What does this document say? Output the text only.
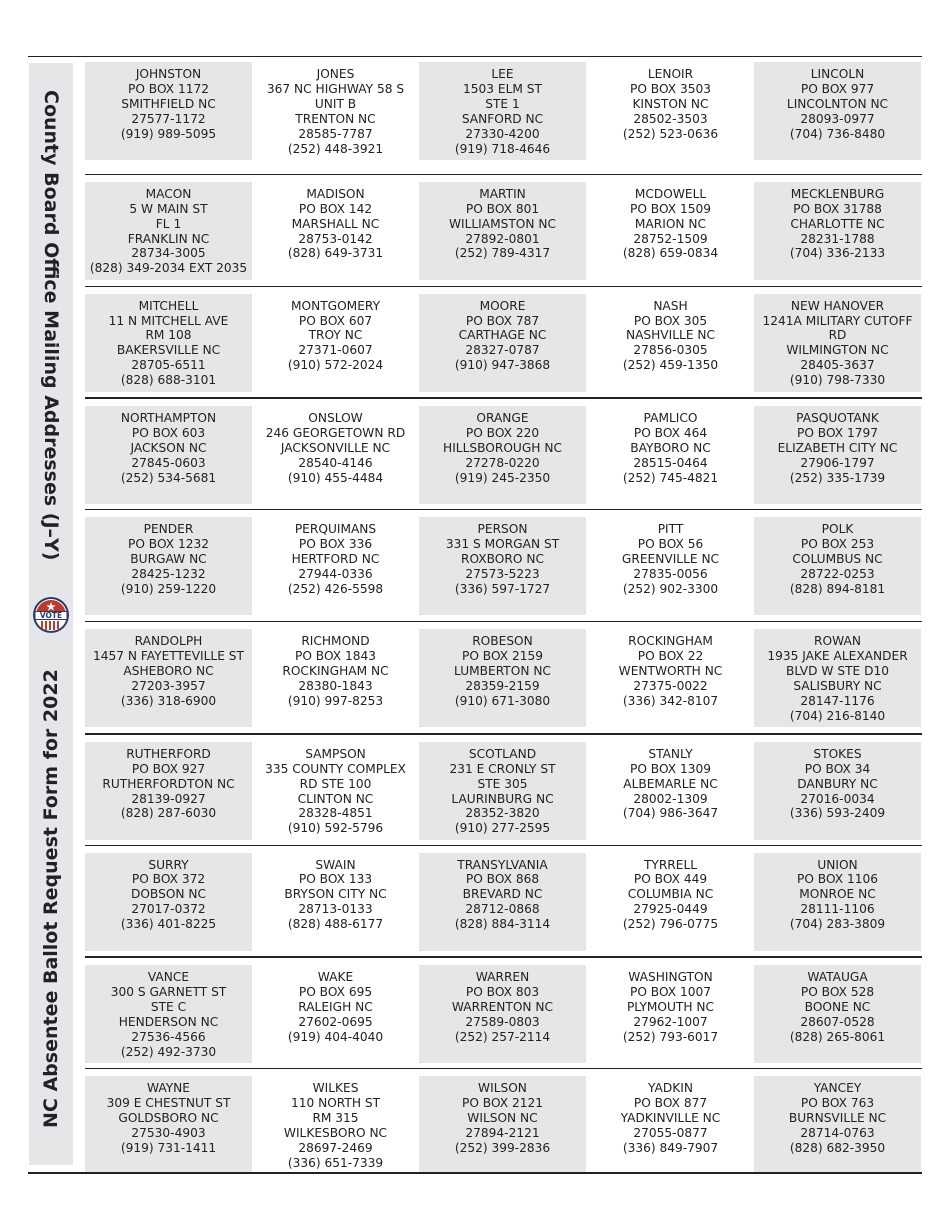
County Board Office Mailing Addresses (J–Y)
NC Absentee Ballot Request Form for 2022
VOTE
JOHNSTON
PO BOX 1172
SMITHFIELD NC
27577-1172
(919) 989-5095
JONES
367 NC HIGHWAY 58 S
UNIT B
TRENTON NC
28585-7787
(252) 448-3921
LEE
1503 ELM ST
STE 1
SANFORD NC
27330-4200
(919) 718-4646
LENOIR
PO BOX 3503
KINSTON NC
28502-3503
(252) 523-0636
LINCOLN
PO BOX 977
LINCOLNTON NC
28093-0977
(704) 736-8480
MACON
5 W MAIN ST
FL 1
FRANKLIN NC
28734-3005
(828) 349-2034 EXT 2035
MADISON
PO BOX 142
MARSHALL NC
28753-0142
(828) 649-3731
MARTIN
PO BOX 801
WILLIAMSTON NC
27892-0801
(252) 789-4317
MCDOWELL
PO BOX 1509
MARION NC
28752-1509
(828) 659-0834
MECKLENBURG
PO BOX 31788
CHARLOTTE NC
28231-1788
(704) 336-2133
MITCHELL
11 N MITCHELL AVE
RM 108
BAKERSVILLE NC
28705-6511
(828) 688-3101
MONTGOMERY
PO BOX 607
TROY NC
27371-0607
(910) 572-2024
MOORE
PO BOX 787
CARTHAGE NC
28327-0787
(910) 947-3868
NASH
PO BOX 305
NASHVILLE NC
27856-0305
(252) 459-1350
NEW HANOVER
1241A MILITARY CUTOFF
RD
WILMINGTON NC
28405-3637
(910) 798-7330
NORTHAMPTON
PO BOX 603
JACKSON NC
27845-0603
(252) 534-5681
ONSLOW
246 GEORGETOWN RD
JACKSONVILLE NC
28540-4146
(910) 455-4484
ORANGE
PO BOX 220
HILLSBOROUGH NC
27278-0220
(919) 245-2350
PAMLICO
PO BOX 464
BAYBORO NC
28515-0464
(252) 745-4821
PASQUOTANK
PO BOX 1797
ELIZABETH CITY NC
27906-1797
(252) 335-1739
PENDER
PO BOX 1232
BURGAW NC
28425-1232
(910) 259-1220
PERQUIMANS
PO BOX 336
HERTFORD NC
27944-0336
(252) 426-5598
PERSON
331 S MORGAN ST
ROXBORO NC
27573-5223
(336) 597-1727
PITT
PO BOX 56
GREENVILLE NC
27835-0056
(252) 902-3300
POLK
PO BOX 253
COLUMBUS NC
28722-0253
(828) 894-8181
RANDOLPH
1457 N FAYETTEVILLE ST
ASHEBORO NC
27203-3957
(336) 318-6900
RICHMOND
PO BOX 1843
ROCKINGHAM NC
28380-1843
(910) 997-8253
ROBESON
PO BOX 2159
LUMBERTON NC
28359-2159
(910) 671-3080
ROCKINGHAM
PO BOX 22
WENTWORTH NC
27375-0022
(336) 342-8107
ROWAN
1935 JAKE ALEXANDER
BLVD W STE D10
SALISBURY NC
28147-1176
(704) 216-8140
RUTHERFORD
PO BOX 927
RUTHERFORDTON NC
28139-0927
(828) 287-6030
SAMPSON
335 COUNTY COMPLEX
RD STE 100
CLINTON NC
28328-4851
(910) 592-5796
SCOTLAND
231 E CRONLY ST
STE 305
LAURINBURG NC
28352-3820
(910) 277-2595
STANLY
PO BOX 1309
ALBEMARLE NC
28002-1309
(704) 986-3647
STOKES
PO BOX 34
DANBURY NC
27016-0034
(336) 593-2409
SURRY
PO BOX 372
DOBSON NC
27017-0372
(336) 401-8225
SWAIN
PO BOX 133
BRYSON CITY NC
28713-0133
(828) 488-6177
TRANSYLVANIA
PO BOX 868
BREVARD NC
28712-0868
(828) 884-3114
TYRRELL
PO BOX 449
COLUMBIA NC
27925-0449
(252) 796-0775
UNION
PO BOX 1106
MONROE NC
28111-1106
(704) 283-3809
VANCE
300 S GARNETT ST
STE C
HENDERSON NC
27536-4566
(252) 492-3730
WAKE
PO BOX 695
RALEIGH NC
27602-0695
(919) 404-4040
WARREN
PO BOX 803
WARRENTON NC
27589-0803
(252) 257-2114
WASHINGTON
PO BOX 1007
PLYMOUTH NC
27962-1007
(252) 793-6017
WATAUGA
PO BOX 528
BOONE NC
28607-0528
(828) 265-8061
WAYNE
309 E CHESTNUT ST
GOLDSBORO NC
27530-4903
(919) 731-1411
WILKES
110 NORTH ST
RM 315
WILKESBORO NC
28697-2469
(336) 651-7339
WILSON
PO BOX 2121
WILSON NC
27894-2121
(252) 399-2836
YADKIN
PO BOX 877
YADKINVILLE NC
27055-0877
(336) 849-7907
YANCEY
PO BOX 763
BURNSVILLE NC
28714-0763
(828) 682-3950
